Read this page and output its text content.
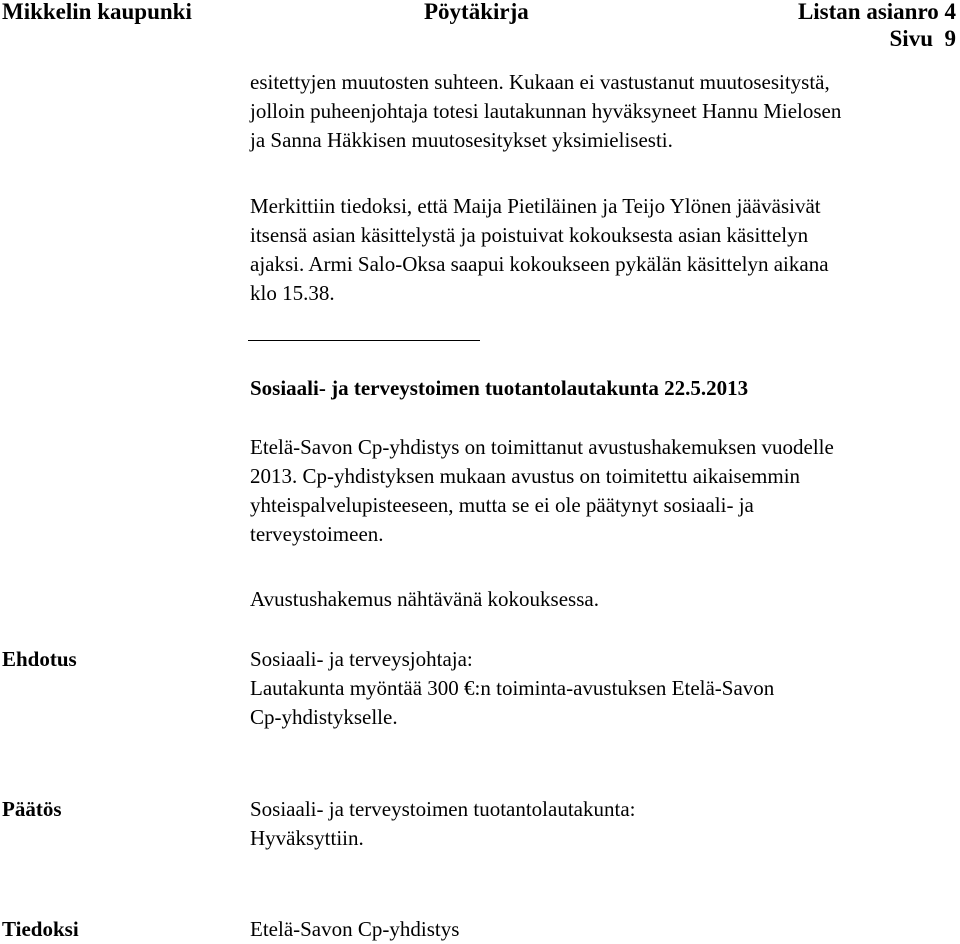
Mikkelin kaupunki	Pöytäkirja	Listan asianro 4
Sivu  9

esitettyjen muutosten suhteen. Kukaan ei vastustanut muutosesitystä,
jolloin puheenjohtaja totesi lautakunnan hyväksyneet Hannu Mielosen
ja Sanna Häkkisen muutosesitykset yksimielisesti.

Merkittiin tiedoksi, että Maija Pietiläinen ja Teijo Ylönen jääväsivät
itsensä asian käsittelystä ja poistuivat kokouksesta asian käsittelyn
ajaksi. Armi Salo-Oksa saapui kokoukseen pykälän käsittelyn aikana
klo 15.38.

Sosiaali- ja terveystoimen tuotantolautakunta 22.5.2013

Etelä-Savon Cp-yhdistys on toimittanut avustushakemuksen vuodelle
2013. Cp-yhdistyksen mukaan avustus on toimitettu aikaisemmin
yhteispalvelupisteeseen, mutta se ei ole päätynyt sosiaali- ja
terveystoimeen.

Avustushakemus nähtävänä kokouksessa.

Ehdotus	Sosiaali- ja terveysjohtaja:
Lautakunta myöntää 300 €:n toiminta-avustuksen Etelä-Savon
Cp-yhdistykselle.

Päätös	Sosiaali- ja terveystoimen tuotantolautakunta:
Hyväksyttiin.

Tiedoksi	Etelä-Savon Cp-yhdistys
